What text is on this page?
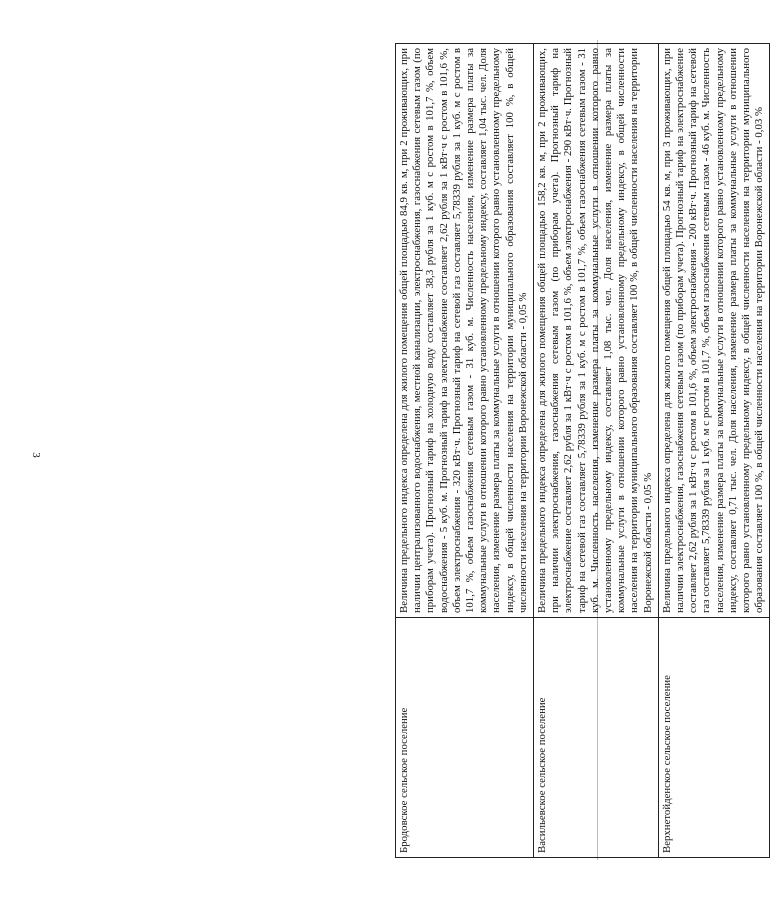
3
Бродовское сельское поселение	Величина предельного индекса определена для жилого помещения общей площадью 84,9 кв. м, при 2 проживающих, при наличии централизованного водоснабжения, местной канализации, электроснабжения, газоснабжения сетевым газом (по приборам учета). Прогнозный тариф на холодную воду составляет 38,3 рубля за 1 куб. м с ростом в 101,7 %, объем водоснабжения - 5 куб. м. Прогнозный тариф на электроснабжение составляет 2,62 рубля за 1 кВт·ч с ростом в 101,6 %, объем электроснабжения - 320 кВт·ч. Прогнозный тариф на сетевой газ составляет 5,78339 рубля за 1 куб. м с ростом в 101,7 %, объем газоснабжения сетевым газом - 31 куб. м. Численность населения, изменение размера платы за коммунальные услуги в отношении которого равно установленному предельному индексу, составляет 1,04 тыс. чел. Доля населения, изменение размера платы за коммунальные услуги в отношении которого равно установленному предельному индексу, в общей численности населения на территории муниципального образования составляет 100 %, в общей численности населения на территории Воронежской области - 0,05 %
Васильевское сельское поселение	Величина предельного индекса определена для жилого помещения общей площадью 158,2 кв. м, при 2 проживающих, при наличии электроснабжения, газоснабжения сетевым газом (по приборам учета). Прогнозный тариф на электроснабжение составляет 2,62 рубля за 1 кВт·ч с ростом в 101,6 %, объем электроснабжения - 290 кВт·ч. Прогнозный тариф на сетевой газ составляет 5,78339 рубля за 1 куб. м с ростом в 101,7 %, объем газоснабжения сетевым газом - 31 куб. м. Численность населения, изменение размера платы за коммунальные услуги в отношении которого равно установленному предельному индексу, составляет 1,08 тыс. чел. Доля населения, изменение размера платы за коммунальные услуги в отношении которого равно установленному предельному индексу, в общей численности населения на территории муниципального образования составляет 100 %, в общей численности населения на территории Воронежской области - 0,05 %
Верхнетойденское сельское поселение	Величина предельного индекса определена для жилого помещения общей площадью 54 кв. м, при 3 проживающих, при наличии электроснабжения, газоснабжения сетевым газом (по приборам учета). Прогнозный тариф на электроснабжение составляет 2,62 рубля за 1 кВт·ч с ростом в 101,6 %, объем электроснабжения - 200 кВт·ч. Прогнозный тариф на сетевой газ составляет 5,78339 рубля за 1 куб. м с ростом в 101,7 %, объем газоснабжения сетевым газом - 46 куб. м. Численность населения, изменение размера платы за коммунальные услуги в отношении которого равно установленному предельному индексу, составляет 0,71 тыс. чел. Доля населения, изменение размера платы за коммунальные услуги в отношении которого равно установленному предельному индексу, в общей численности населения на территории муниципального образования составляет 100 %, в общей численности населения на территории Воронежской области - 0,03 %
